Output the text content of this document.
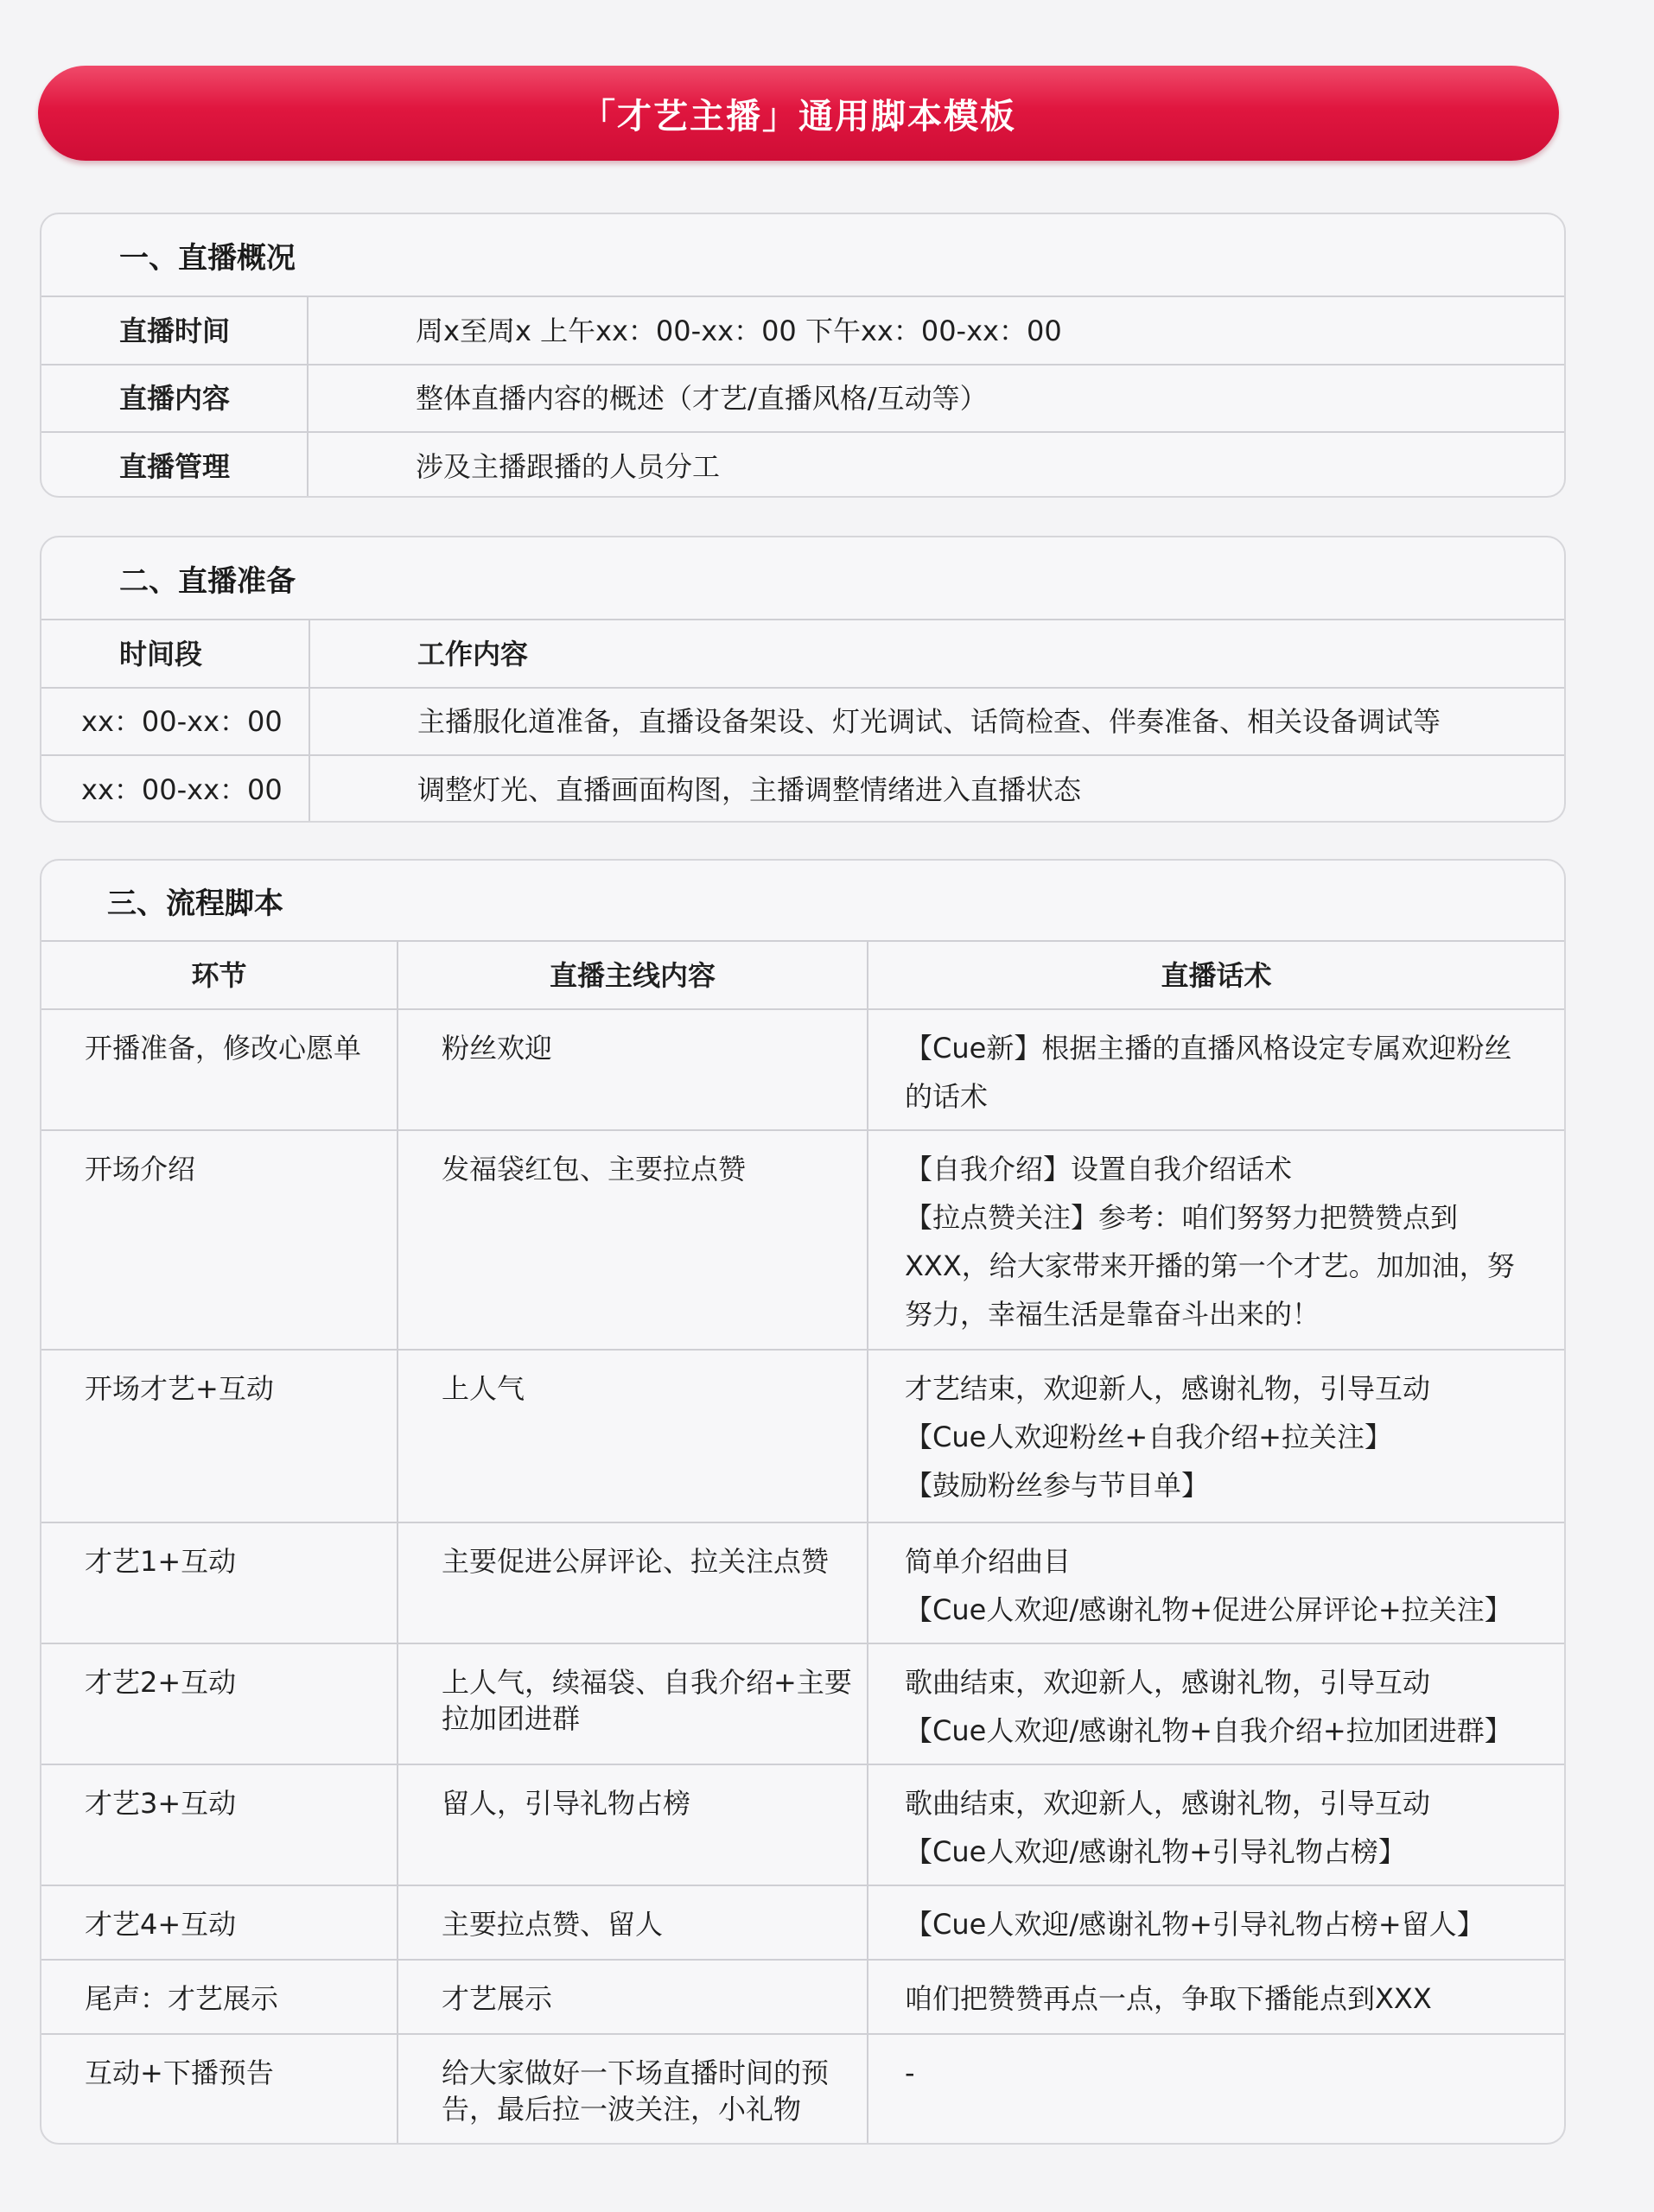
「才艺主播」通用脚本模板
一、直播概况
直播时间	周x至周x 上午xx：00-xx：00 下午xx：00-xx：00
直播内容	整体直播内容的概述（才艺/直播风格/互动等）
直播管理	涉及主播跟播的人员分工
二、直播准备
时间段	工作内容
xx：00-xx：00	主播服化道准备，直播设备架设、灯光调试、话筒检查、伴奏准备、相关设备调试等
xx：00-xx：00	调整灯光、直播画面构图，主播调整情绪进入直播状态
三、流程脚本
环节	直播主线内容	直播话术
开播准备，修改心愿单	粉丝欢迎	【Cue新】根据主播的直播风格设定专属欢迎粉丝的话术

开场介绍	发福袋红包、主要拉点赞	【自我介绍】设置自我介绍话术
【拉点赞关注】参考：咱们努努力把赞赞点到XXX，给大家带来开播的第一个才艺。加加油，努努力，幸福生活是靠奋斗出来的！

开场才艺+互动	上人气	才艺结束，欢迎新人，感谢礼物，引导互动
【Cue人欢迎粉丝+自我介绍+拉关注】
【鼓励粉丝参与节目单】

才艺1+互动	主要促进公屏评论、拉关注点赞	简单介绍曲目
【Cue人欢迎/感谢礼物+促进公屏评论+拉关注】

才艺2+互动	上人气，续福袋、自我介绍+主要拉加团进群	歌曲结束，欢迎新人，感谢礼物，引导互动
【Cue人欢迎/感谢礼物+自我介绍+拉加团进群】

才艺3+互动	留人，引导礼物占榜	歌曲结束，欢迎新人，感谢礼物，引导互动
【Cue人欢迎/感谢礼物+引导礼物占榜】

才艺4+互动	主要拉点赞、留人	【Cue人欢迎/感谢礼物+引导礼物占榜+留人】

尾声：才艺展示	才艺展示	咱们把赞赞再点一点，争取下播能点到XXX

互动+下播预告	给大家做好一下场直播时间的预告，最后拉一波关注，小礼物	-
